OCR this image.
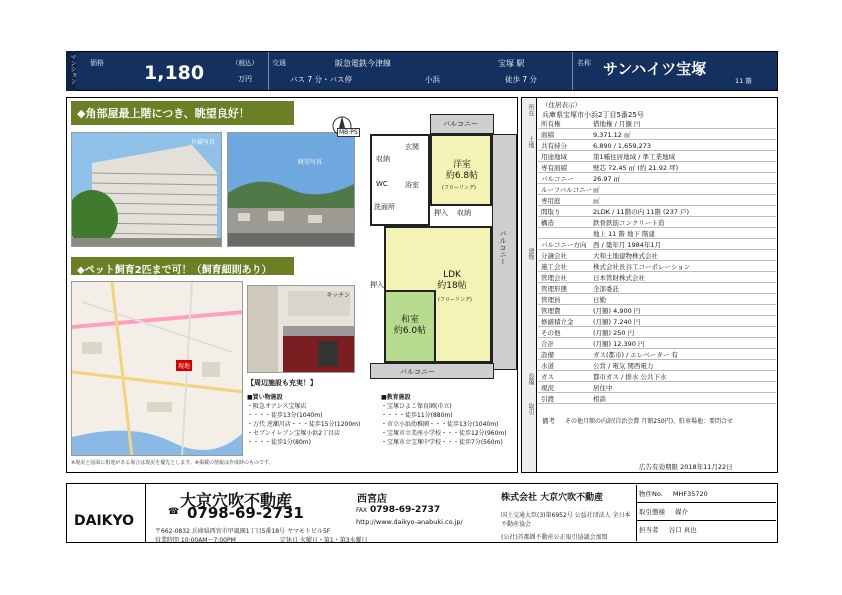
マンション 価格 1,180	（税込）
万円
交通	阪急電鉄今津線	宝塚 駅
バス 7 分・バス停	小浜	徒歩 7 分
名称 サンハイツ宝塚
11 階
◆角部屋最上階につき、眺望良好！
外観写真
眺望写真
◆ペット飼育2匹まで可！（飼育細則あり）
現地
キッチン
【周辺施設も充実！】
■買い物施設
・阪急オアシス宝塚店
・・・・徒歩13分(1040m)
・万代 逆瀬川店・・・徒歩15分(1200m)
・セブンイレブン宝塚小浜2丁目店
・・・・徒歩1分(80m)
■教育施設
・宝塚ひよこ保育園(市立)
・・・・徒歩11分(880m)
・市立小浜幼稚園・・・徒歩13分(1040m)
・宝塚市立美座小学校・・・徒歩12分(960m)
・宝塚市立宝塚中学校・・・徒歩7分(560m)
※現況と図面に相違がある場合は現況を優先とします。※掲載の情報は作成時のものです。
MB·PS
バルコニー
バルコニー
バルコニー
洋室
約6.8帖
(フローリング)
収納
押入
玄関
収納
WC
洗面所
浴室
LDK
約18帖
(フローリング)
押入
和室
約6.0帖
所在
土地
建物
設備
取引
（住居表示）
兵庫県宝塚市小浜2丁目5番25号
所有権	借地権 / 月額 円
面積	9,371.12 ㎡
共有持分	6,890 / 1,659,273
用途地域	第1種住居地域 / 準工業地域
専有面積	壁芯 72.45 ㎡ (約 21.92 坪)
バルコニー	26.97 ㎡
ルーフバルコニー ㎡
専用庭	㎡
間取り	2LDK / 11階の内 11階 (237 戸)
構造	鉄骨鉄筋コンクリート造
地上 11 階 地下 階建
バルコニー方向 西 / 築年月 1984年1月
分譲会社	大和土地建物株式会社
施工会社	株式会社長谷工コーポレーション
管理会社	日本管財株式会社
管理形態	全部委託
管理員	日勤
管理費	(月額) 4,900 円
修繕積立金	(月額) 7,240 円
その他	(月額) 250 円
合計	(月額) 12,390 円
設備	ガス(都市) / エレベーター 有
水道	公営 / 電気 関西電力
ガス	都市ガス / 排水 公共下水
現況	居住中
引渡	相談
備考 その他月額の内訳(自治会費 月額250円)、駐車場他：要問合せ
広告有効期限 2018年11月22日
DAIKYO
大京穴吹不動産	西宮店
☎ 0798-69-2731	FAX 0798-69-2737
http://www.daikyo-anabuki.co.jp/
〒662-0832 兵庫県西宮市甲風園1丁目5番18号 ヤマモトビル5F
営業時間 10:00AM〜7:00PM	定休日 火曜日・第1・第3水曜日
株式会社 大京穴吹不動産
国土交通大臣(3)第6952号 公益社団法人 全日本不動産協会
(公社)首都圏不動産公正取引協議会加盟
物件No. MHF35720
取引態様 媒介
担当者 谷口 真也
